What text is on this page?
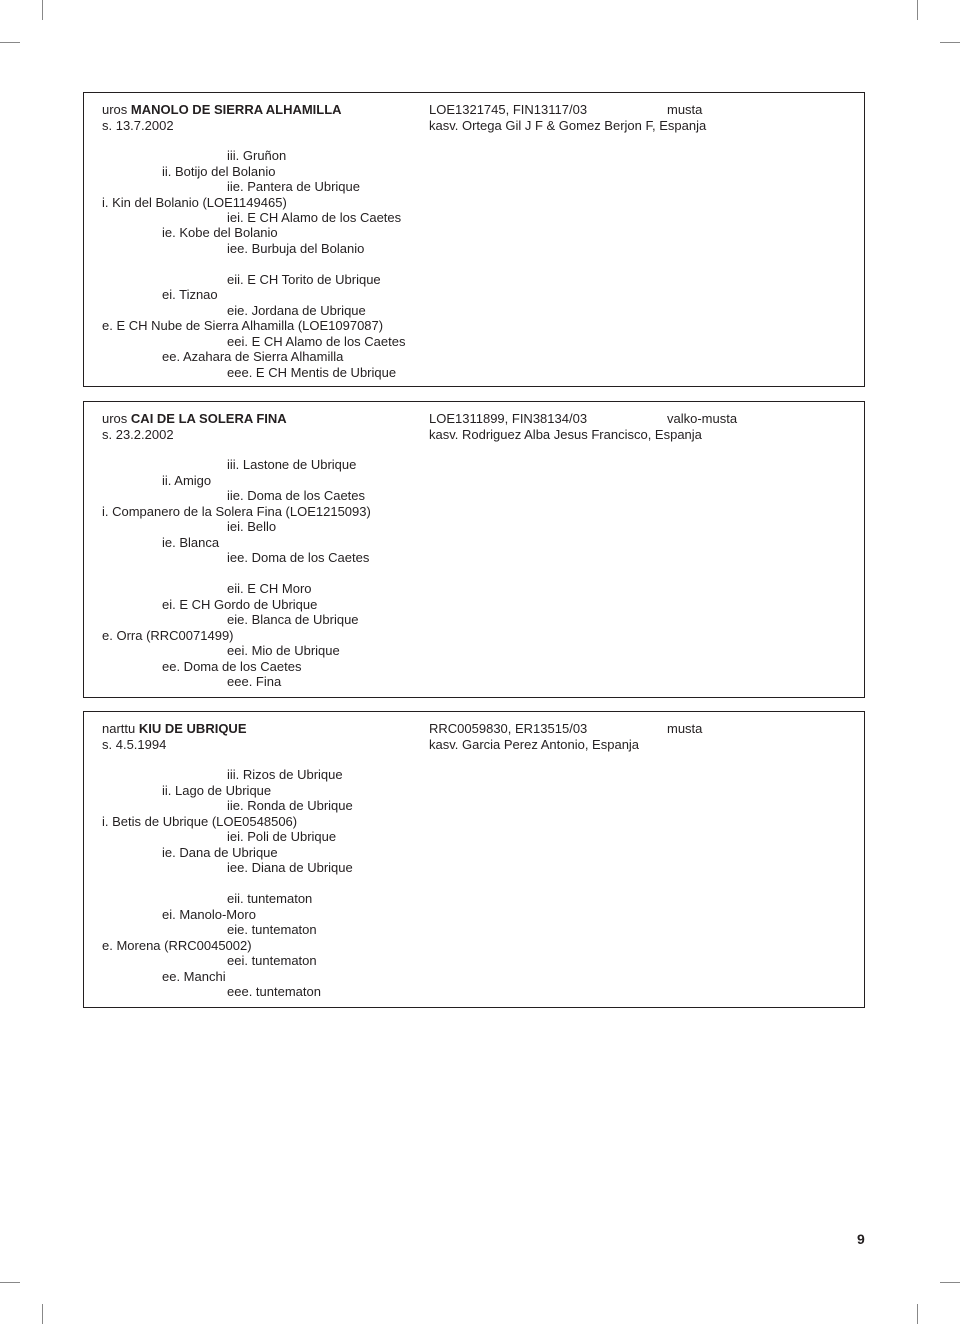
uros MANOLO DE SIERRA ALHAMILLA	LOE1321745, FIN13117/03	musta
s. 13.7.2002	kasv. Ortega Gil J F & Gomez Berjon F, Espanja
iii. Gruñon
ii. Botijo del Bolanio
iie. Pantera de Ubrique
i. Kin del Bolanio (LOE1149465)
iei. E CH Alamo de los Caetes
ie. Kobe del Bolanio
iee. Burbuja del Bolanio
eii. E CH Torito de Ubrique
ei. Tiznao
eie. Jordana de Ubrique
e. E CH Nube de Sierra Alhamilla (LOE1097087)
eei. E CH Alamo de los Caetes
ee. Azahara de Sierra Alhamilla
eee. E CH Mentis de Ubrique
uros CAI DE LA SOLERA FINA	LOE1311899, FIN38134/03	valko-musta
s. 23.2.2002	kasv. Rodriguez Alba Jesus Francisco, Espanja
iii. Lastone de Ubrique
ii. Amigo
iie. Doma de los Caetes
i. Companero de la Solera Fina (LOE1215093)
iei. Bello
ie. Blanca
iee. Doma de los Caetes
eii. E CH Moro
ei. E CH Gordo de Ubrique
eie. Blanca de Ubrique
e. Orra (RRC0071499)
eei. Mio de Ubrique
ee. Doma de los Caetes
eee. Fina
narttu KIU DE UBRIQUE	RRC0059830, ER13515/03	musta
s. 4.5.1994	kasv. Garcia Perez Antonio, Espanja
iii. Rizos de Ubrique
ii. Lago de Ubrique
iie. Ronda de Ubrique
i. Betis de Ubrique (LOE0548506)
iei. Poli de Ubrique
ie. Dana de Ubrique
iee. Diana de Ubrique
eii. tuntematon
ei. Manolo-Moro
eie. tuntematon
e. Morena (RRC0045002)
eei. tuntematon
ee. Manchi
eee. tuntematon
9
